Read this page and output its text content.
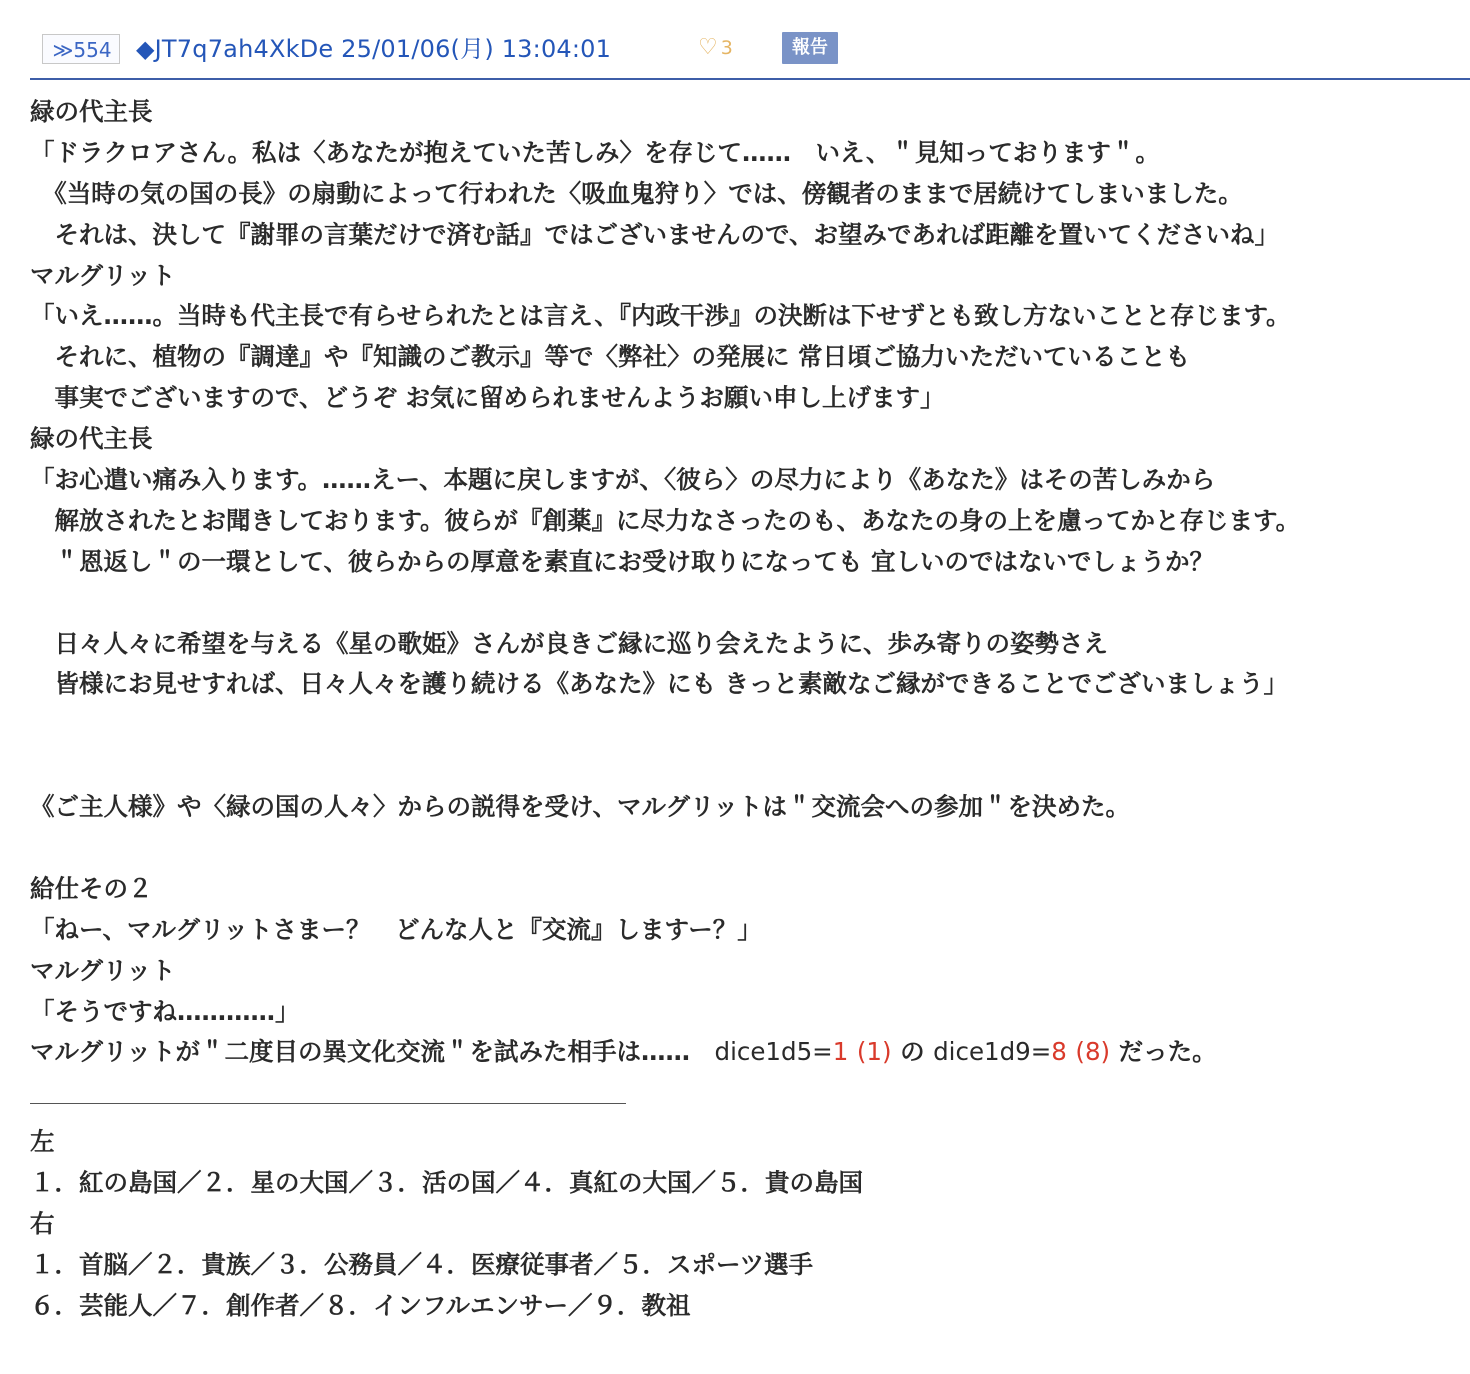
≫554	◆JT7q7ah4XkDe 25/01/06(月) 13:04:01	♡ 3	報告
緑の代主長
「ドラクロアさん。私は〈あなたが抱えていた苦しみ〉を存じて……　いえ、＂見知っております＂。
　《当時の気の国の長》の扇動によって行われた〈吸血鬼狩り〉では、傍観者のままで居続けてしまいました。
　それは、決して『謝罪の言葉だけで済む話』ではございませんので、お望みであれば距離を置いてくださいね」
マルグリット
「いえ……。当時も代主長で有らせられたとは言え、『内政干渉』の決断は下せずとも致し方ないことと存じます。
　それに、植物の『調達』や『知識のご教示』等で〈弊社〉の発展に 常日頃ご協力いただいていることも
　事実でございますので、どうぞ お気に留められませんようお願い申し上げます」
緑の代主長
「お心遣い痛み入ります。……えー、本題に戻しますが、〈彼ら〉の尽力により《あなた》はその苦しみから
　解放されたとお聞きしております。彼らが『創薬』に尽力なさったのも、あなたの身の上を慮ってかと存じます。
　＂恩返し＂の一環として、彼らからの厚意を素直にお受け取りになっても 宜しいのではないでしょうか？
　日々人々に希望を与える《星の歌姫》さんが良きご縁に巡り会えたように、歩み寄りの姿勢さえ
　皆様にお見せすれば、日々人々を護り続ける《あなた》にも きっと素敵なご縁ができることでございましょう」
《ご主人様》や〈緑の国の人々〉からの説得を受け、マルグリットは＂交流会への参加＂を決めた。
給仕その２
「ねー、マルグリットさまー？　どんな人と『交流』しますー？」
マルグリット
「そうですね…………」
マルグリットが＂二度目の異文化交流＂を試みた相手は……　dice1d5=1 (1) の dice1d9=8 (8) だった。
左
１．紅の島国／２．星の大国／３．活の国／４．真紅の大国／５．貴の島国
右
１．首脳／２．貴族／３．公務員／４．医療従事者／５．スポーツ選手
６．芸能人／７．創作者／８．インフルエンサー／９．教祖
